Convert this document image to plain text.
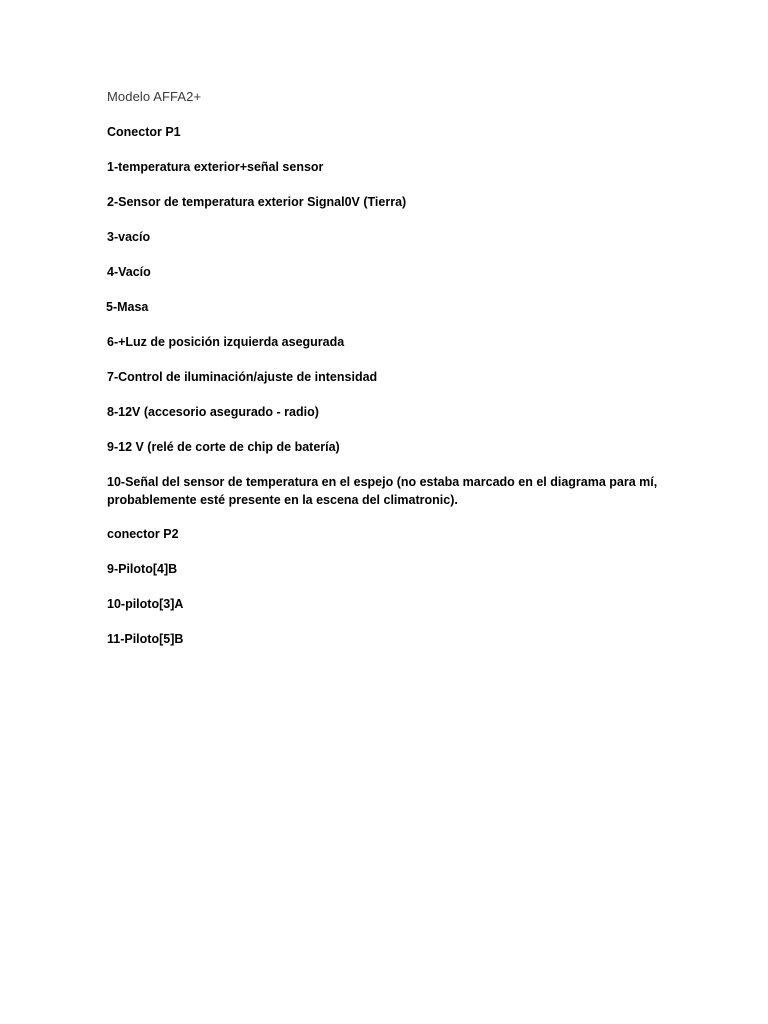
Modelo AFFA2+
Conector P1
1-temperatura exterior+señal sensor
2-Sensor de temperatura exterior Signal0V (Tierra)
3-vacío
4-Vacío
5-Masa
6-+Luz de posición izquierda asegurada
7-Control de iluminación/ajuste de intensidad
8-12V (accesorio asegurado - radio)
9-12 V (relé de corte de chip de batería)
10-Señal del sensor de temperatura en el espejo (no estaba marcado en el diagrama para mí, probablemente esté presente en la escena del climatronic).
conector P2
9-Piloto[4]B
10-piloto[3]A
11-Piloto[5]B
